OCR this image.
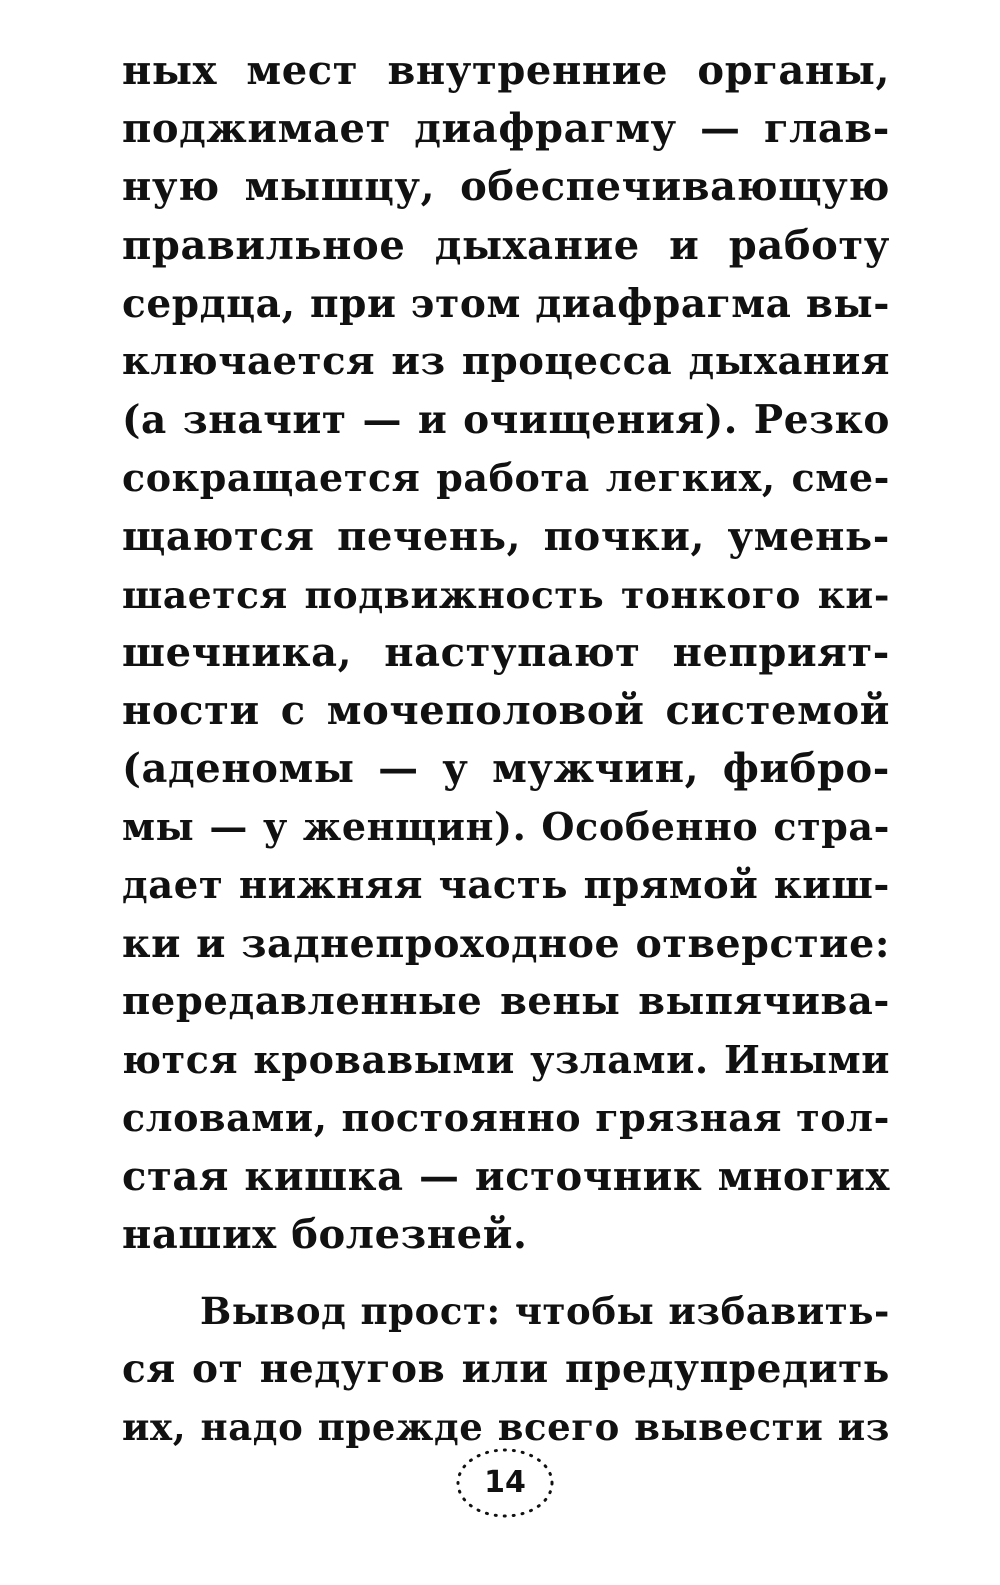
ных мест внутренние органы,
поджимает диафрагму — глав-
ную мышцу, обеспечивающую
правильное дыхание и работу
сердца, при этом диафрагма вы-
ключается из процесса дыхания
(а значит — и очищения). Резко
сокращается работа легких, сме-
щаются печень, почки, умень-
шается подвижность тонкого ки-
шечника, наступают неприят-
ности с мочеполовой системой
(аденомы — у мужчин, фибро-
мы — у женщин). Особенно стра-
дает нижняя часть прямой киш-
ки и заднепроходное отверстие:
передавленные вены выпячива-
ются кровавыми узлами. Иными
словами, постоянно грязная тол-
стая кишка — источник многих
наших болезней.
Вывод прост: чтобы избавить-
ся от недугов или предупредить
их, надо прежде всего вывести из
14
